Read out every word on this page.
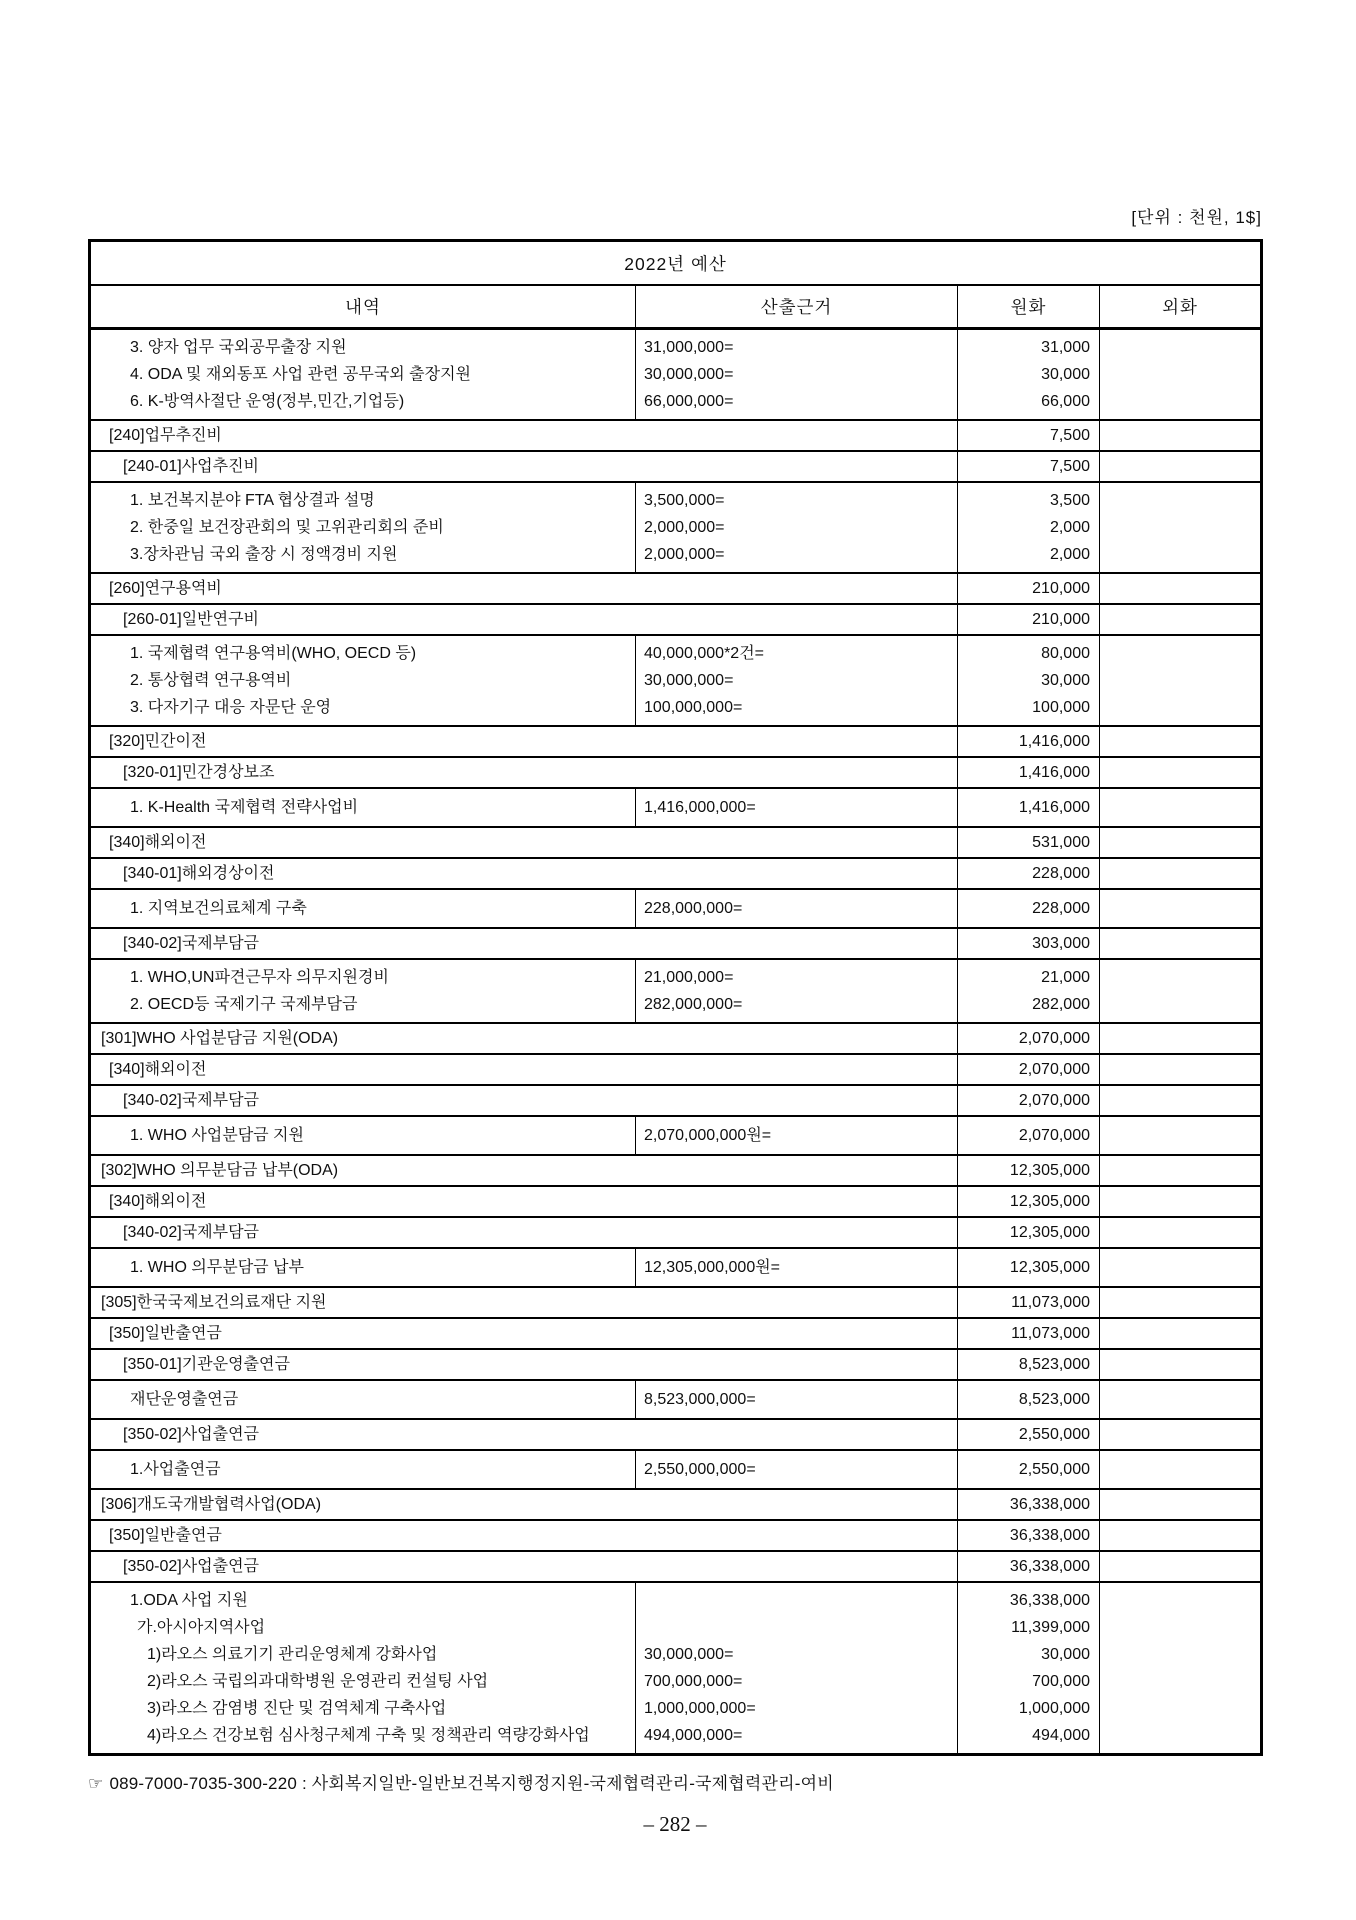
[단위 : 천원, 1$]
2022년 예산			
내역	산출근거	원화	외화
3. 양자 업무 국외공무출장 지원	31,000,000=	31,000	
4. ODA 및 재외동포 사업 관련 공무국외 출장지원	30,000,000=	30,000	
6. K-방역사절단 운영(정부,민간,기업등)	66,000,000=	66,000	
[240]업무추진비		7,500	
[240-01]사업추진비		7,500	
1. 보건복지분야 FTA 협상결과 설명	3,500,000=	3,500	
2. 한중일 보건장관회의 및 고위관리회의 준비	2,000,000=	2,000	
3.장차관님 국외 출장 시 정액경비 지원	2,000,000=	2,000	
[260]연구용역비		210,000	
[260-01]일반연구비		210,000	
1. 국제협력 연구용역비(WHO, OECD 등)	40,000,000*2건=	80,000	
2. 통상협력 연구용역비	30,000,000=	30,000	
3. 다자기구 대응 자문단 운영	100,000,000=	100,000	
[320]민간이전		1,416,000	
[320-01]민간경상보조		1,416,000	
1. K-Health 국제협력 전략사업비	1,416,000,000=	1,416,000	
[340]해외이전		531,000	
[340-01]해외경상이전		228,000	
1. 지역보건의료체계 구축	228,000,000=	228,000	
[340-02]국제부담금		303,000	
1. WHO,UN파견근무자 의무지원경비	21,000,000=	21,000	
2. OECD등 국제기구 국제부담금	282,000,000=	282,000	
[301]WHO 사업분담금 지원(ODA)		2,070,000	
[340]해외이전		2,070,000	
[340-02]국제부담금		2,070,000	
1. WHO 사업분담금 지원	2,070,000,000원=	2,070,000	
[302]WHO 의무분담금 납부(ODA)		12,305,000	
[340]해외이전		12,305,000	
[340-02]국제부담금		12,305,000	
1. WHO 의무분담금 납부	12,305,000,000원=	12,305,000	
[305]한국국제보건의료재단 지원		11,073,000	
[350]일반출연금		11,073,000	
[350-01]기관운영출연금		8,523,000	
재단운영출연금	8,523,000,000=	8,523,000	
[350-02]사업출연금		2,550,000	
1.사업출연금	2,550,000,000=	2,550,000	
[306]개도국개발협력사업(ODA)		36,338,000	
[350]일반출연금		36,338,000	
[350-02]사업출연금		36,338,000	
1.ODA 사업 지원		36,338,000	
가.아시아지역사업		11,399,000	
1)라오스 의료기기 관리운영체계 강화사업	30,000,000=	30,000	
2)라오스 국립의과대학병원 운영관리 컨설팅 사업	700,000,000=	700,000	
3)라오스 감염병 진단 및 검역체계 구축사업	1,000,000,000=	1,000,000	
4)라오스 건강보험 심사청구체계 구축 및 정책관리 역량강화사업	494,000,000=	494,000	
☞ 089-7000-7035-300-220 : 사회복지일반-일반보건복지행정지원-국제협력관리-국제협력관리-여비
– 282 –
